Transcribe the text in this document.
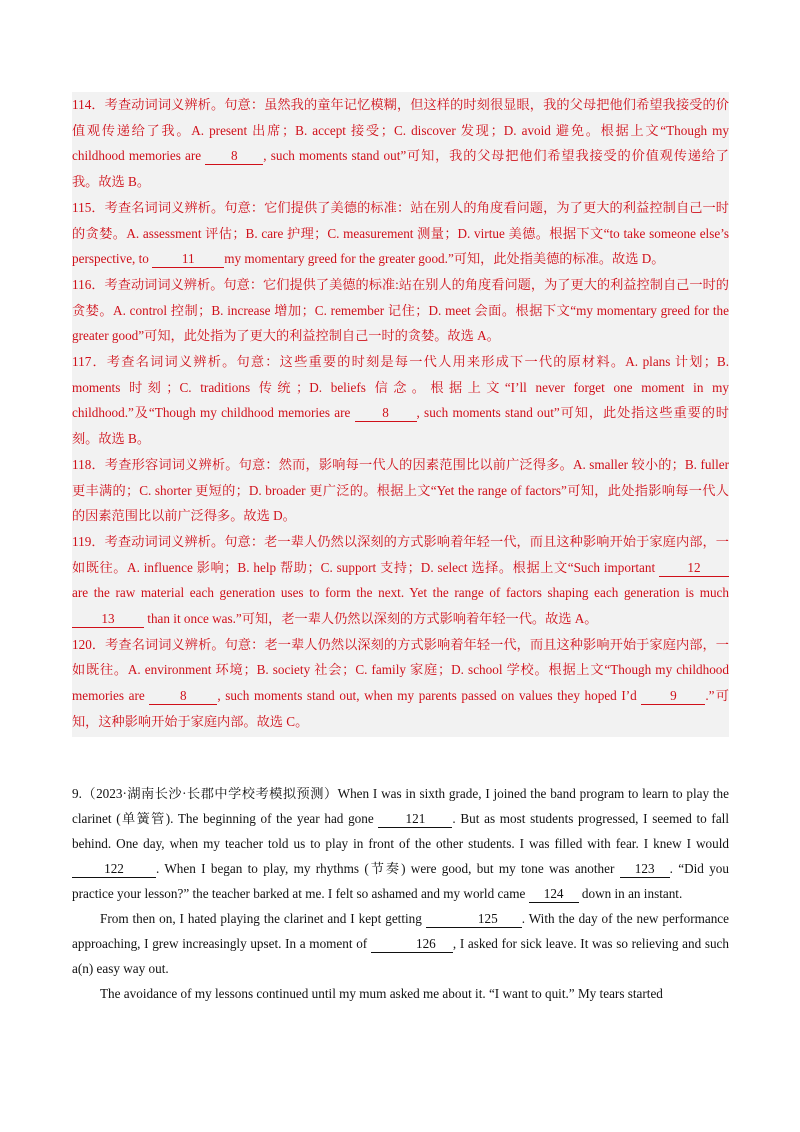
114．考查动词词义辨析。句意：虽然我的童年记忆模糊，但这样的时刻很显眼，我的父母把他们希望我接受的价值观传递给了我。A. present 出席；B. accept 接受；C. discover 发现；D. avoid 避免。根据上文“Though my childhood memories are 8 , such moments stand out”可知，我的父母把他们希望我接受的价值观传递给了我。故选 B。

115．考查名词词义辨析。句意：它们提供了美德的标准：站在别人的角度看问题，为了更大的利益控制自己一时的贪婪。A. assessment 评估；B. care 护理；C. measurement 测量；D. virtue 美德。根据下文“to take someone else’s perspective, to 11 my momentary greed for the greater good.”可知，此处指美德的标准。故选 D。

116．考查动词词义辨析。句意：它们提供了美德的标准:站在别人的角度看问题，为了更大的利益控制自己一时的贪婪。A. control 控制；B. increase 增加；C. remember 记住；D. meet 会面。根据下文“my momentary greed for the greater good”可知，此处指为了更大的利益控制自己一时的贪婪。故选 A。

117．考查名词词义辨析。句意：这些重要的时刻是每一代人用来形成下一代的原材料。A. plans 计划；B. moments 时刻；C. traditions 传统；D. beliefs 信念。根据上文“I’ll never forget one moment in my childhood.”及“Though my childhood memories are 8 , such moments stand out”可知，此处指这些重要的时刻。故选 B。

118．考查形容词词义辨析。句意：然而，影响每一代人的因素范围比以前广泛得多。A. smaller 较小的；B. fuller 更丰满的；C. shorter 更短的；D. broader 更广泛的。根据上文“Yet the range of factors”可知，此处指影响每一代人的因素范围比以前广泛得多。故选 D。

119．考查动词词义辨析。句意：老一辈人仍然以深刻的方式影响着年轻一代，而且这种影响开始于家庭内部，一如既往。A. influence 影响；B. help 帮助；C. support 支持；D. select 选择。根据上文“Such important 12 are the raw material each generation uses to form the next. Yet the range of factors shaping each generation is much 13 than it once was.”可知，老一辈人仍然以深刻的方式影响着年轻一代。故选 A。

120．考查名词词义辨析。句意：老一辈人仍然以深刻的方式影响着年轻一代，而且这种影响开始于家庭内部，一如既往。A. environment 环境；B. society 社会；C. family 家庭；D. school 学校。根据上文“Though my childhood memories are 8 , such moments stand out, when my parents passed on values they hoped I’d 9 .”可知，这种影响开始于家庭内部。故选 C。

9.（2023·湖南长沙·长郡中学校考模拟预测）When I was in sixth grade, I joined the band program to learn to play the clarinet (单簧管). The beginning of the year had gone 121 . But as most students progressed, I seemed to fall behind. One day, when my teacher told us to play in front of the other students. I was filled with fear. I knew I would 122 . When I began to play, my rhythms (节奏) were good, but my tone was another 123 . “Did you practice your lesson?” the teacher barked at me. I felt so ashamed and my world came 124 down in an instant.

From then on, I hated playing the clarinet and I kept getting	125 . With the day of the new performance approaching, I grew increasingly upset. In a moment of	126 , I asked for sick leave. It was so relieving and such a(n) easy way out.

The avoidance of my lessons continued until my mum asked me about it. “I want to quit.” My tears started
